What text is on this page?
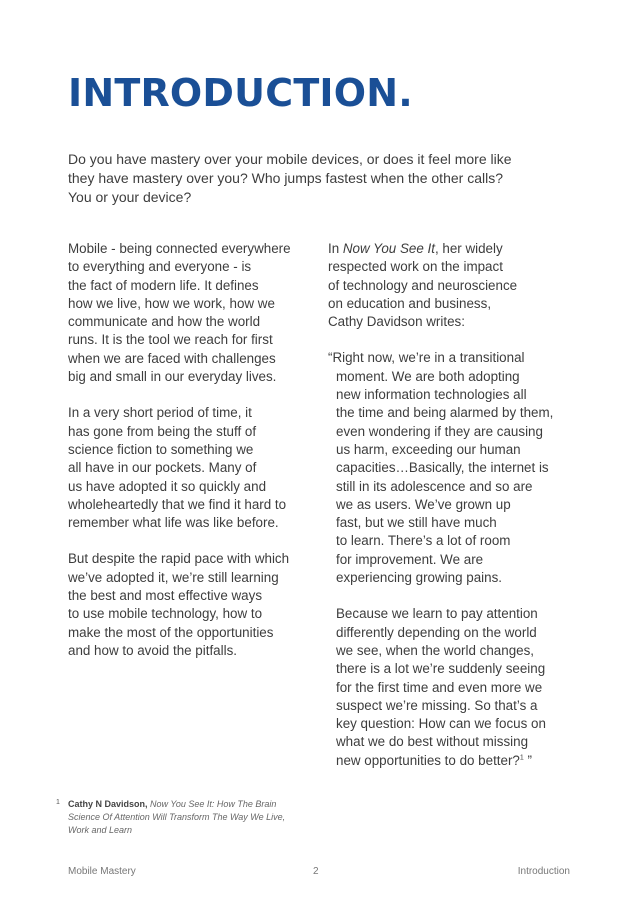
INTRODUCTION.

Do you have mastery over your mobile devices, or does it feel more like
they have mastery over you? Who jumps fastest when the other calls?
You or your device?

Mobile - being connected everywhere
to everything and everyone - is
the fact of modern life. It defines
how we live, how we work, how we
communicate and how the world
runs. It is the tool we reach for first
when we are faced with challenges
big and small in our everyday lives.

In a very short period of time, it
has gone from being the stuff of
science fiction to something we
all have in our pockets. Many of
us have adopted it so quickly and
wholeheartedly that we find it hard to
remember what life was like before.

But despite the rapid pace with which
we’ve adopted it, we’re still learning
the best and most effective ways
to use mobile technology, how to
make the most of the opportunities
and how to avoid the pitfalls.

In Now You See It, her widely
respected work on the impact
of technology and neuroscience
on education and business,
Cathy Davidson writes:

“Right now, we’re in a transitional
moment. We are both adopting
new information technologies all
the time and being alarmed by them,
even wondering if they are causing
us harm, exceeding our human
capacities…Basically, the internet is
still in its adolescence and so are
we as users. We’ve grown up
fast, but we still have much
to learn. There’s a lot of room
for improvement. We are
experiencing growing pains.

Because we learn to pay attention
differently depending on the world
we see, when the world changes,
there is a lot we’re suddenly seeing
for the first time and even more we
suspect we’re missing. So that’s a
key question: How can we focus on
what we do best without missing
new opportunities to do better?$^1$ ”

1 Cathy N Davidson, Now You See It: How The Brain
Science Of Attention Will Transform The Way We Live,
Work and Learn
Mobile Mastery	2	Introduction
